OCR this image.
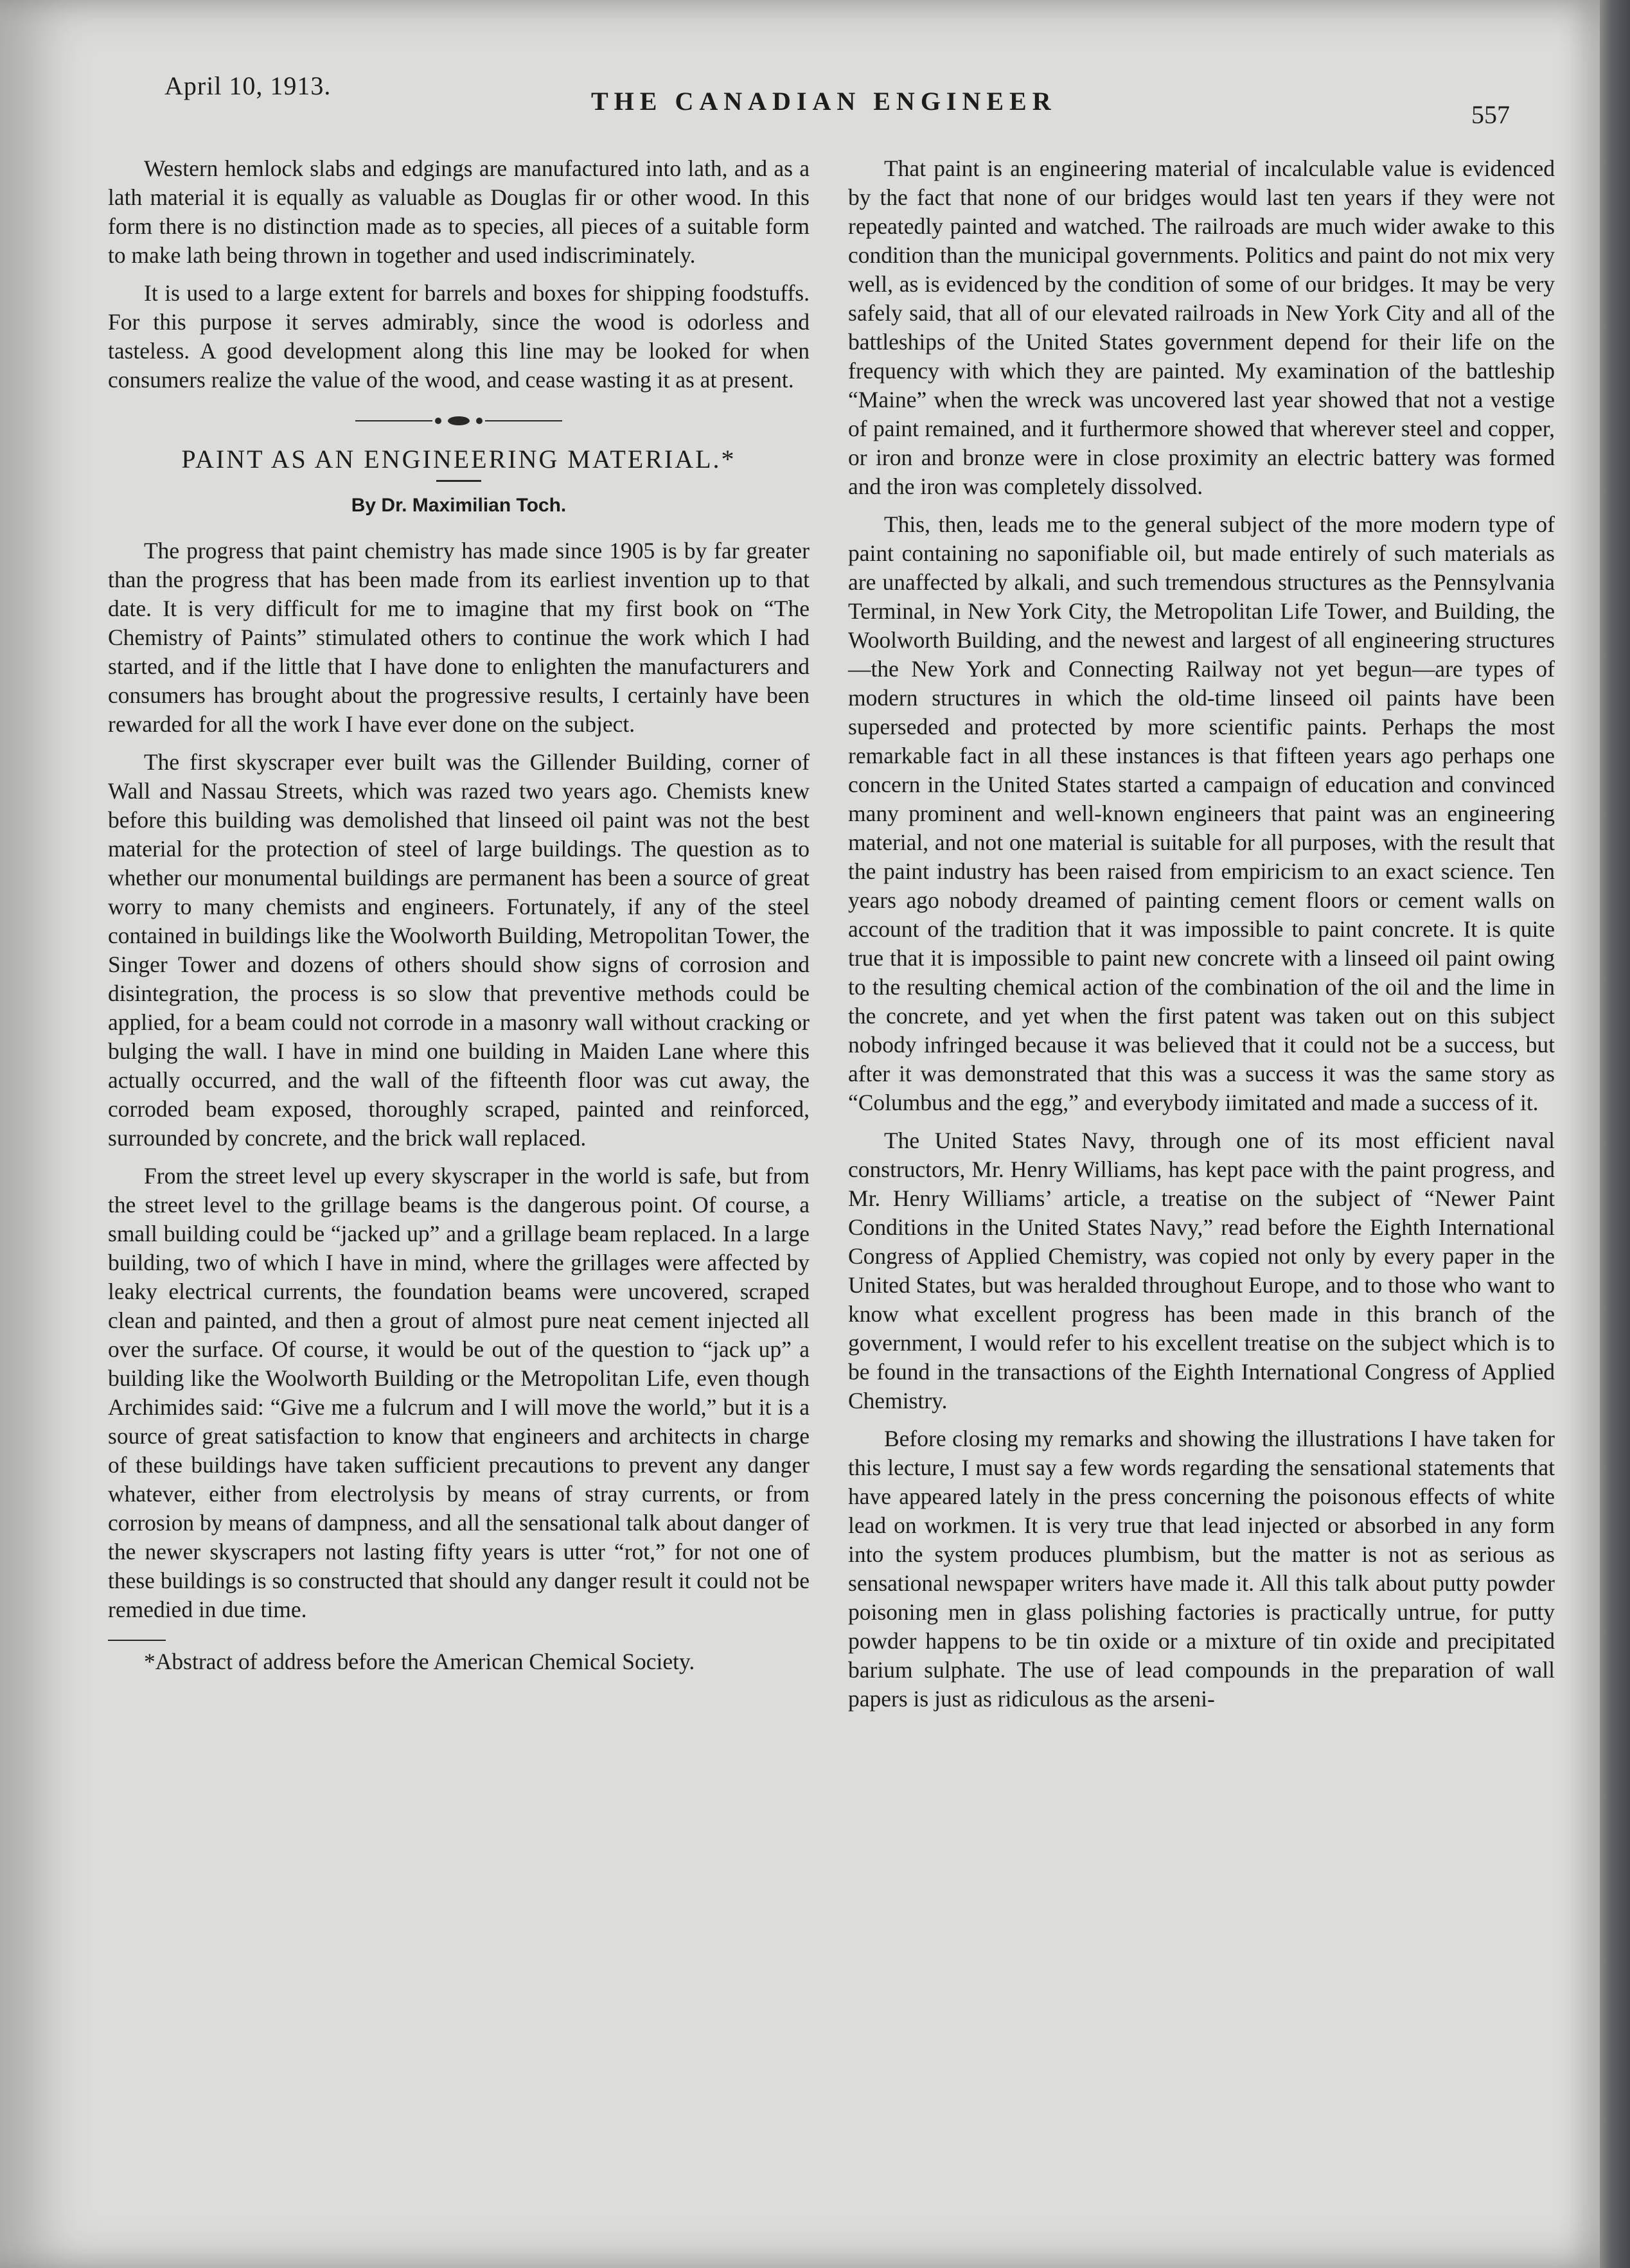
April 10, 1913.
THE CANADIAN ENGINEER	557

Western hemlock slabs and edgings are manufactured into lath, and as a lath material it is equally as valuable as Douglas fir or other wood. In this form there is no distinction made as to species, all pieces of a suitable form to make lath being thrown in together and used indiscriminately.

It is used to a large extent for barrels and boxes for shipping foodstuffs. For this purpose it serves admirably, since the wood is odorless and tasteless. A good development along this line may be looked for when consumers realize the value of the wood, and cease wasting it as at present.

PAINT AS AN ENGINEERING MATERIAL.*
By Dr. Maximilian Toch.

The progress that paint chemistry has made since 1905 is by far greater than the progress that has been made from its earliest invention up to that date. It is very difficult for me to imagine that my first book on “The Chemistry of Paints” stimulated others to continue the work which I had started, and if the little that I have done to enlighten the manufacturers and consumers has brought about the progressive results, I certainly have been rewarded for all the work I have ever done on the subject.

The first skyscraper ever built was the Gillender Building, corner of Wall and Nassau Streets, which was razed two years ago. Chemists knew before this building was demolished that linseed oil paint was not the best material for the protection of steel of large buildings. The question as to whether our monumental buildings are permanent has been a source of great worry to many chemists and engineers. Fortunately, if any of the steel contained in buildings like the Woolworth Building, Metropolitan Tower, the Singer Tower and dozens of others should show signs of corrosion and disintegration, the process is so slow that preventive methods could be applied, for a beam could not corrode in a masonry wall without cracking or bulging the wall. I have in mind one building in Maiden Lane where this actually occurred, and the wall of the fifteenth floor was cut away, the corroded beam exposed, thoroughly scraped, painted and reinforced, surrounded by concrete, and the brick wall replaced.

From the street level up every skyscraper in the world is safe, but from the street level to the grillage beams is the dangerous point. Of course, a small building could be “jacked up” and a grillage beam replaced. In a large building, two of which I have in mind, where the grillages were affected by leaky electrical currents, the foundation beams were uncovered, scraped clean and painted, and then a grout of almost pure neat cement injected all over the surface. Of course, it would be out of the question to “jack up” a building like the Woolworth Building or the Metropolitan Life, even though Archimides said: “Give me a fulcrum and I will move the world,” but it is a source of great satisfaction to know that engineers and architects in charge of these buildings have taken sufficient precautions to prevent any danger whatever, either from electrolysis by means of stray currents, or from corrosion by means of dampness, and all the sensational talk about danger of the newer skyscrapers not lasting fifty years is utter “rot,” for not one of these buildings is so constructed that should any danger result it could not be remedied in due time.

*Abstract of address before the American Chemical Society.

That paint is an engineering material of incalculable value is evidenced by the fact that none of our bridges would last ten years if they were not repeatedly painted and watched. The railroads are much wider awake to this condition than the municipal governments. Politics and paint do not mix very well, as is evidenced by the condition of some of our bridges. It may be very safely said, that all of our elevated railroads in New York City and all of the battleships of the United States government depend for their life on the frequency with which they are painted. My examination of the battleship “Maine” when the wreck was uncovered last year showed that not a vestige of paint remained, and it furthermore showed that wherever steel and copper, or iron and bronze were in close proximity an electric battery was formed and the iron was completely dissolved.

This, then, leads me to the general subject of the more modern type of paint containing no saponifiable oil, but made entirely of such materials as are unaffected by alkali, and such tremendous structures as the Pennsylvania Terminal, in New York City, the Metropolitan Life Tower, and Building, the Woolworth Building, and the newest and largest of all engineering structures—the New York and Connecting Railway not yet begun—are types of modern structures in which the old-time linseed oil paints have been superseded and protected by more scientific paints. Perhaps the most remarkable fact in all these instances is that fifteen years ago perhaps one concern in the United States started a campaign of education and convinced many prominent and well-known engineers that paint was an engineering material, and not one material is suitable for all purposes, with the result that the paint industry has been raised from empiricism to an exact science. Ten years ago nobody dreamed of painting cement floors or cement walls on account of the tradition that it was impossible to paint concrete. It is quite true that it is impossible to paint new concrete with a linseed oil paint owing to the resulting chemical action of the combination of the oil and the lime in the concrete, and yet when the first patent was taken out on this subject nobody infringed because it was believed that it could not be a success, but after it was demonstrated that this was a success it was the same story as “Columbus and the egg,” and everybody iimitated and made a success of it.

The United States Navy, through one of its most efficient naval constructors, Mr. Henry Williams, has kept pace with the paint progress, and Mr. Henry Williams’ article, a treatise on the subject of “Newer Paint Conditions in the United States Navy,” read before the Eighth International Congress of Applied Chemistry, was copied not only by every paper in the United States, but was heralded throughout Europe, and to those who want to know what excellent progress has been made in this branch of the government, I would refer to his excellent treatise on the subject which is to be found in the transactions of the Eighth International Congress of Applied Chemistry.

Before closing my remarks and showing the illustrations I have taken for this lecture, I must say a few words regarding the sensational statements that have appeared lately in the press concerning the poisonous effects of white lead on workmen. It is very true that lead injected or absorbed in any form into the system produces plumbism, but the matter is not as serious as sensational newspaper writers have made it. All this talk about putty powder poisoning men in glass polishing factories is practically untrue, for putty powder happens to be tin oxide or a mixture of tin oxide and precipitated barium sulphate. The use of lead compounds in the preparation of wall papers is just as ridiculous as the arseni-
